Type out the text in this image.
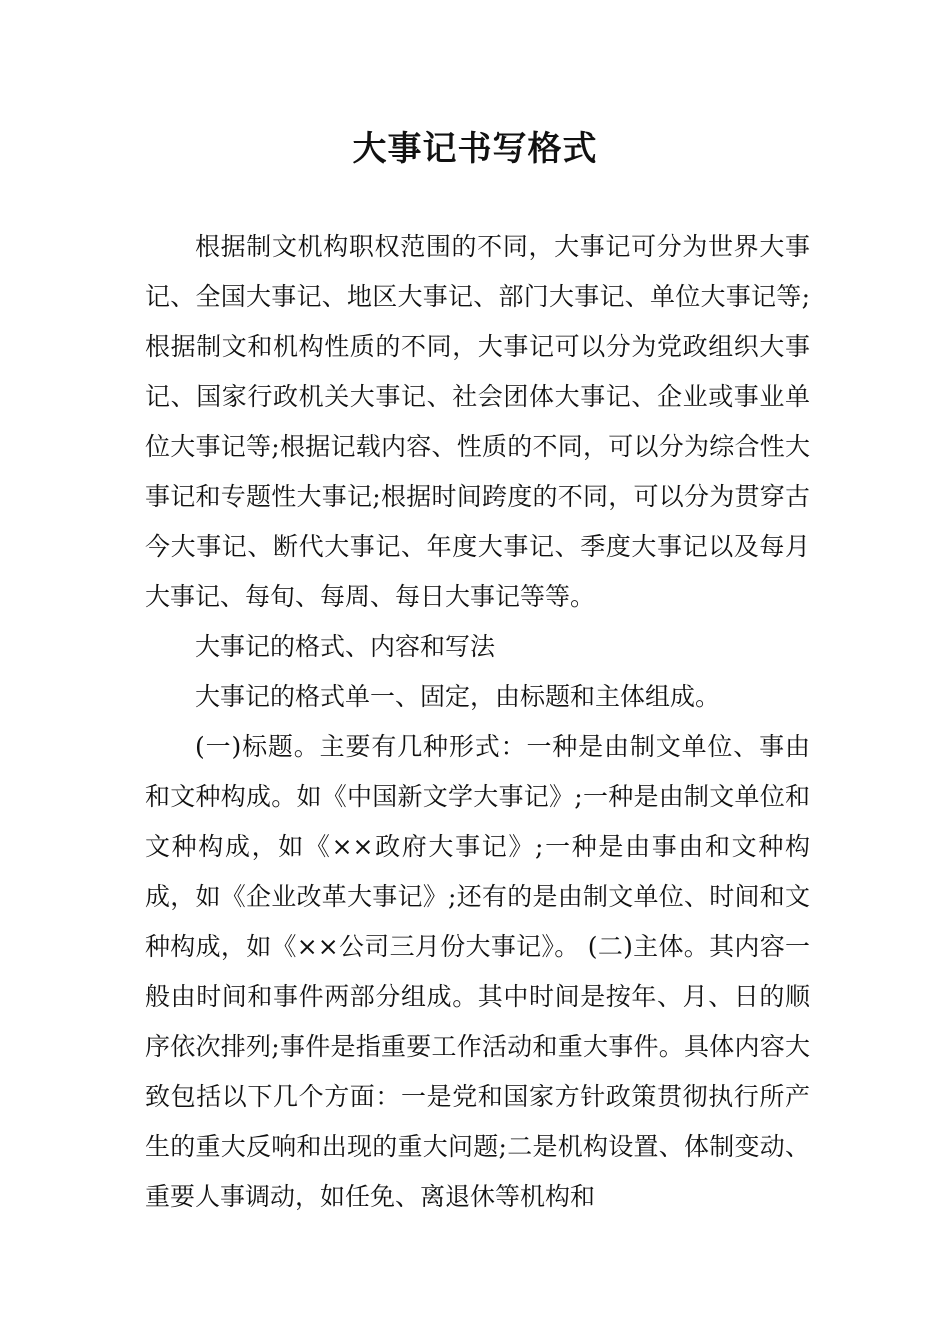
大事记书写格式

根据制文机构职权范围的不同，大事记可分为世界大事记、全国大事记、地区大事记、部门大事记、单位大事记等;根据制文和机构性质的不同，大事记可以分为党政组织大事记、国家行政机关大事记、社会团体大事记、企业或事业单位大事记等;根据记载内容、性质的不同，可以分为综合性大事记和专题性大事记;根据时间跨度的不同，可以分为贯穿古今大事记、断代大事记、年度大事记、季度大事记以及每月大事记、每旬、每周、每日大事记等等。

大事记的格式、内容和写法

大事记的格式单一、固定，由标题和主体组成。

(一)标题。主要有几种形式：一种是由制文单位、事由和文种构成。如《中国新文学大事记》;一种是由制文单位和文种构成，如《××政府大事记》;一种是由事由和文种构成，如《企业改革大事记》;还有的是由制文单位、时间和文种构成，如《××公司三月份大事记》。 (二)主体。其内容一般由时间和事件两部分组成。其中时间是按年、月、日的顺序依次排列;事件是指重要工作活动和重大事件。具体内容大致包括以下几个方面：一是党和国家方针政策贯彻执行所产生的重大反响和出现的重大问题;二是机构设置、体制变动、重要人事调动，如任免、离退休等机构和
